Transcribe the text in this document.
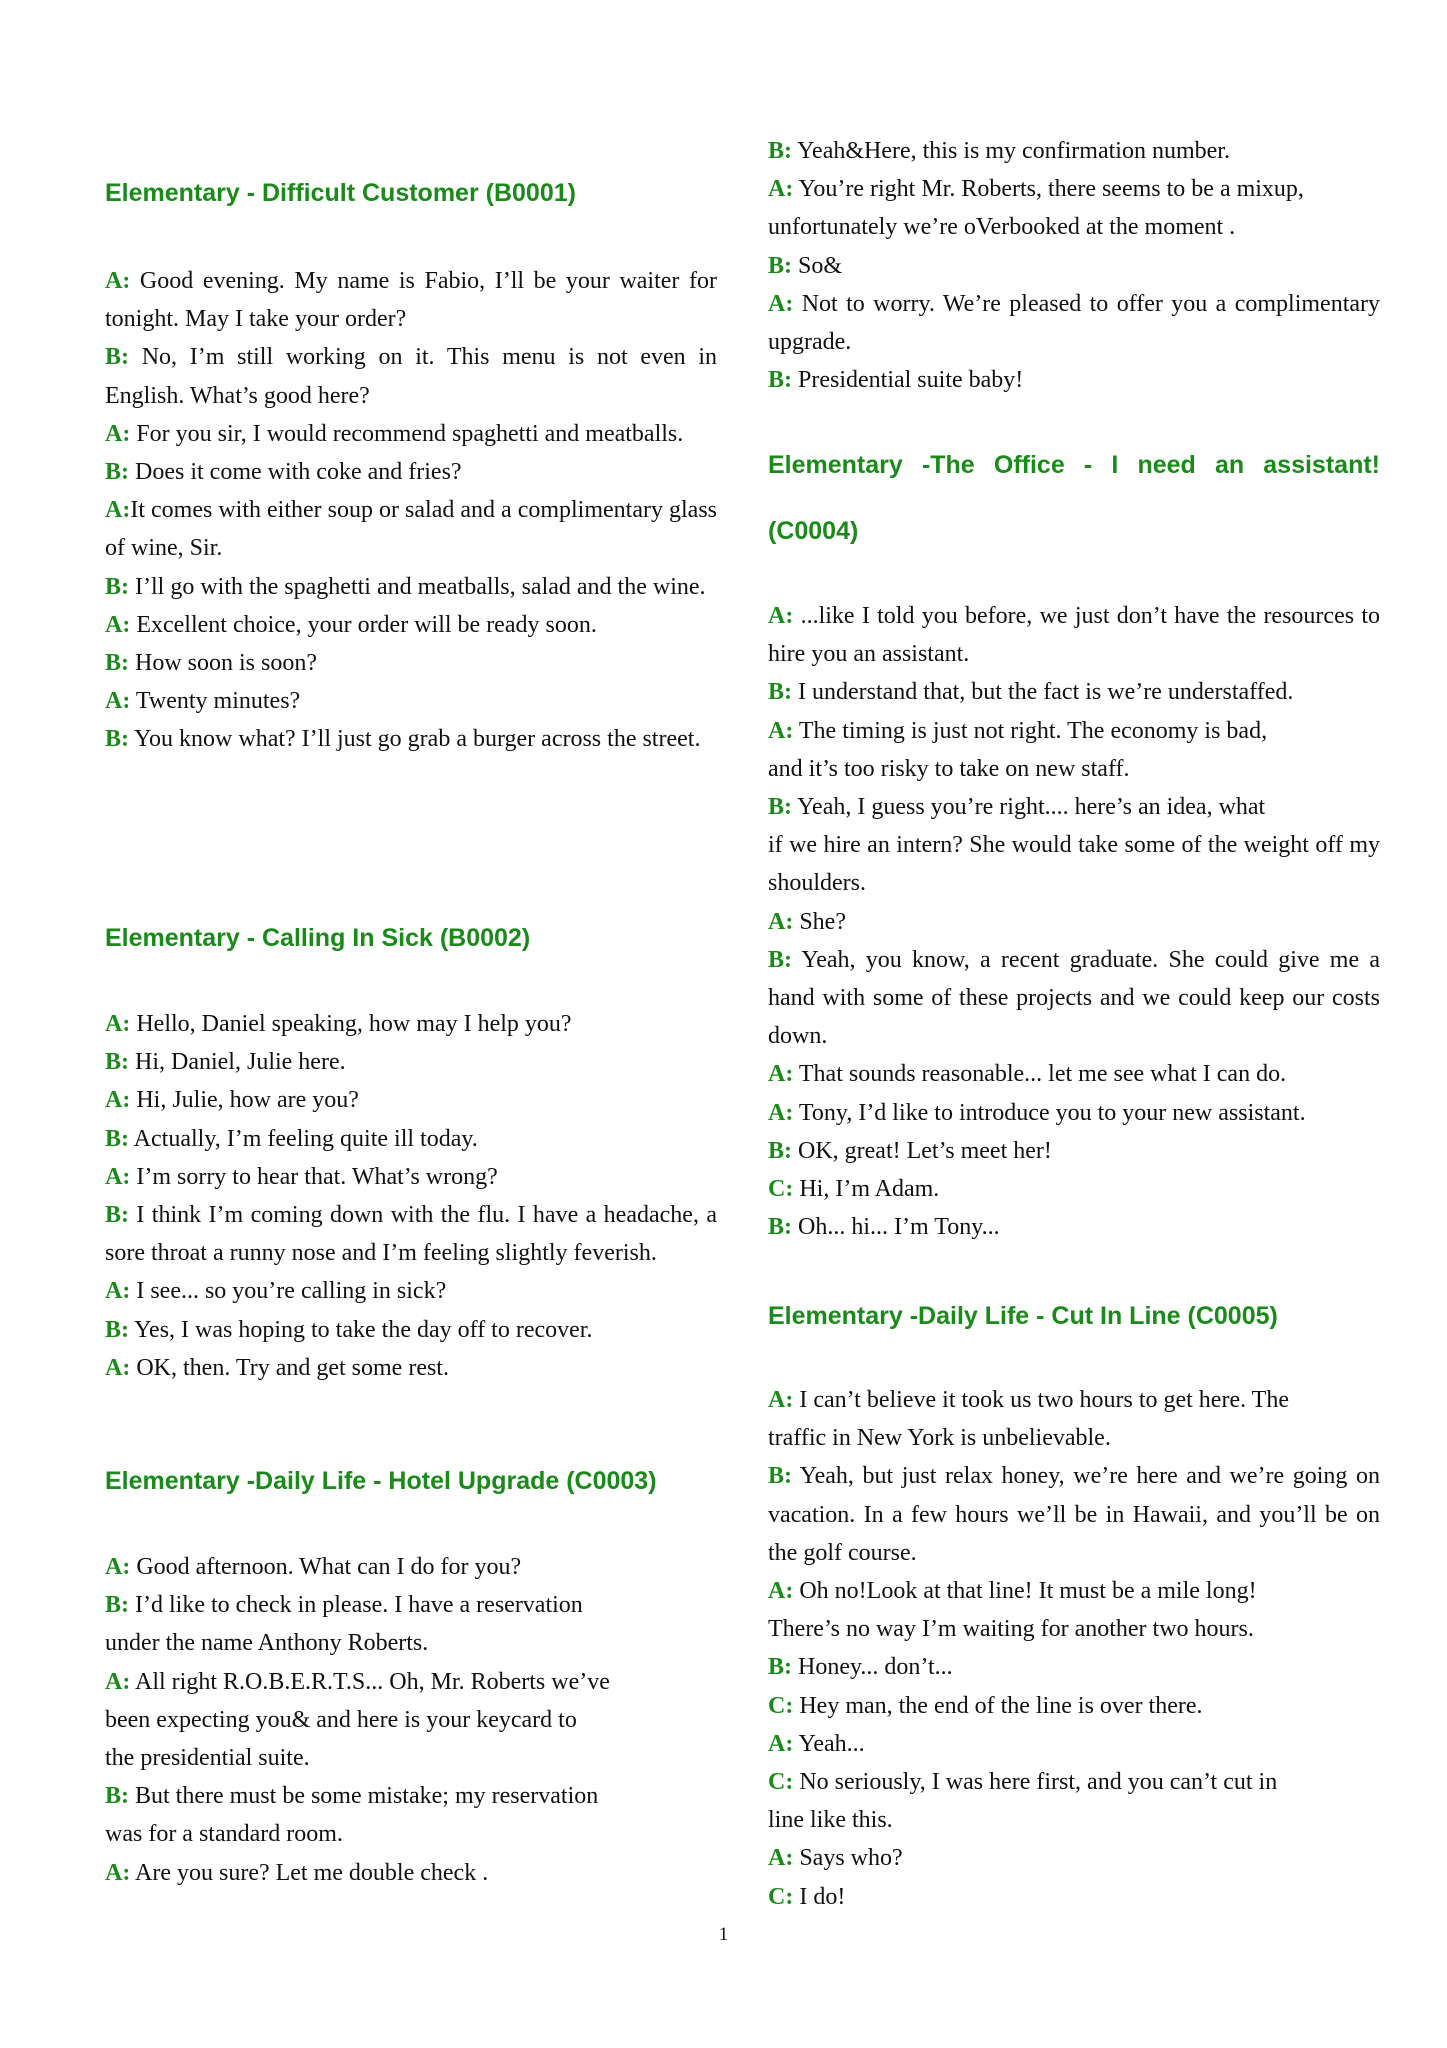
Elementary - Difficult Customer (B0001)
A: Good evening. My name is Fabio, I’ll be your waiter for tonight. May I take your order?
B: No, I’m still working on it. This menu is not even in English. What’s good here?
A: For you sir, I would recommend spaghetti and meatballs.
B: Does it come with coke and fries?
A:It comes with either soup or salad and a complimentary glass of wine, Sir.
B: I’ll go with the spaghetti and meatballs, salad and the wine.
A: Excellent choice, your order will be ready soon.
B: How soon is soon?
A: Twenty minutes?
B: You know what? I’ll just go grab a burger across the street.
Elementary - Calling In Sick (B0002)
A: Hello, Daniel speaking, how may I help you?
B: Hi, Daniel, Julie here.
A: Hi, Julie, how are you?
B: Actually, I’m feeling quite ill today.
A: I’m sorry to hear that. What’s wrong?
B: I think I’m coming down with the flu. I have a headache, a sore throat a runny nose and I’m feeling slightly feverish.
A: I see... so you’re calling in sick?
B: Yes, I was hoping to take the day off to recover.
A: OK, then. Try and get some rest.
Elementary -Daily Life - Hotel Upgrade (C0003)
A: Good afternoon. What can I do for you?
B: I’d like to check in please. I have a reservation
under the name Anthony Roberts.
A: All right R.O.B.E.R.T.S... Oh, Mr. Roberts we’ve
been expecting you& and here is your keycard to
the presidential suite.
B: But there must be some mistake; my reservation
was for a standard room.
A: Are you sure? Let me double check .
B: Yeah&Here, this is my confirmation number.
A: You’re right Mr. Roberts, there seems to be a mixup,
unfortunately we’re oVerbooked at the moment .
B: So&
A: Not to worry. We’re pleased to offer you a complimentary upgrade.
B: Presidential suite baby!
Elementary -The Office - I need an assistant!
(C0004)
A: ...like I told you before, we just don’t have the resources to hire you an assistant.
B: I understand that, but the fact is we’re understaffed.
A: The timing is just not right. The economy is bad,
and it’s too risky to take on new staff.
B: Yeah, I guess you’re right.... here’s an idea, what
if we hire an intern? She would take some of the weight off my shoulders.
A: She?
B: Yeah, you know, a recent graduate. She could give me a hand with some of these projects and we could keep our costs down.
A: That sounds reasonable... let me see what I can do.
A: Tony, I’d like to introduce you to your new assistant.
B: OK, great! Let’s meet her!
C: Hi, I’m Adam.
B: Oh... hi... I’m Tony...
Elementary -Daily Life - Cut In Line (C0005)
A: I can’t believe it took us two hours to get here. The
traffic in New York is unbelievable.
B: Yeah, but just relax honey, we’re here and we’re going on vacation. In a few hours we’ll be in Hawaii, and you’ll be on the golf course.
A: Oh no!Look at that line! It must be a mile long!
There’s no way I’m waiting for another two hours.
B: Honey... don’t...
C: Hey man, the end of the line is over there.
A: Yeah...
C: No seriously, I was here first, and you can’t cut in
line like this.
A: Says who?
C: I do!
1
